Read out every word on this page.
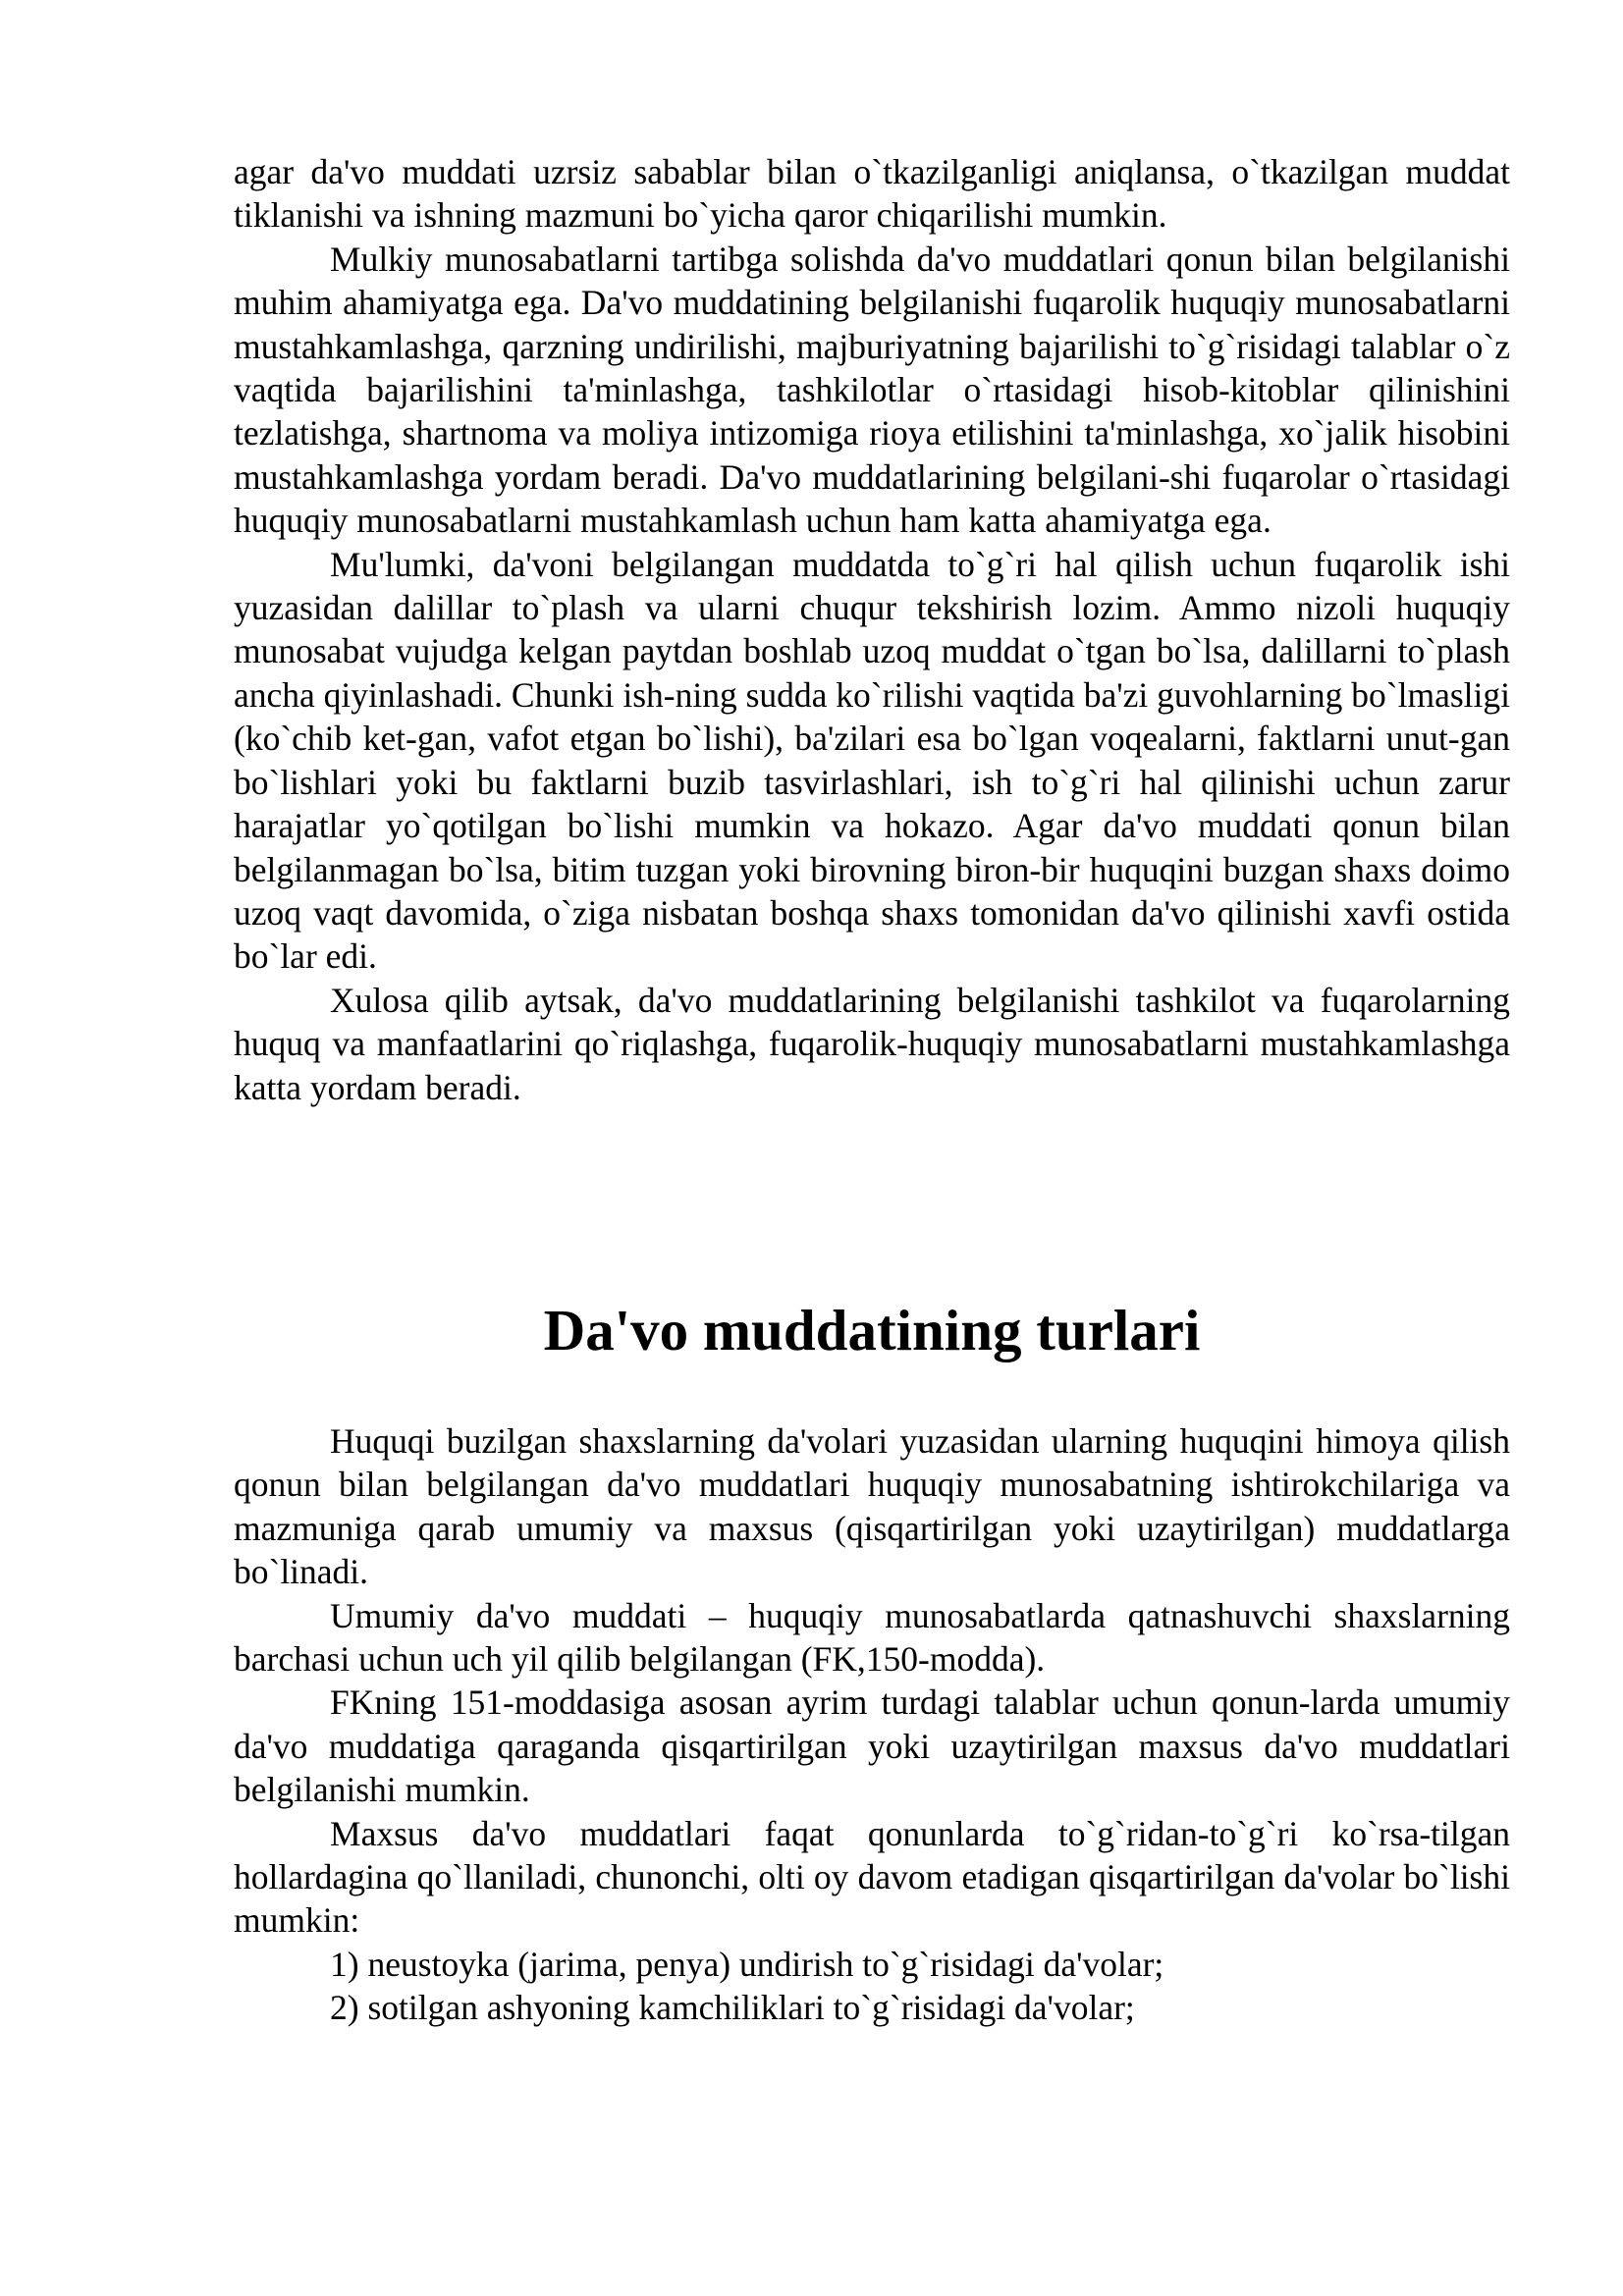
agar da'vo muddati uzrsiz sabablar bilan o`tkazilganligi aniqlansa, o`tkazilgan muddat tiklanishi va ishning mazmuni bo`yicha qaror chiqarilishi mumkin.

Mulkiy munosabatlarni tartibga solishda da'vo muddatlari qonun bilan belgilanishi muhim ahamiyatga ega. Da'vo muddatining belgilanishi fuqarolik huquqiy munosabatlarni mustahkamlashga, qarzning undirilishi, majburiyatning bajarilishi to`g`risidagi talablar o`z vaqtida bajarilishini ta'minlashga, tashkilotlar o`rtasidagi hisob-kitoblar qilinishini tezlatishga, shartnoma va moliya intizomiga rioya etilishini ta'minlashga, xo`jalik hisobini mustahkamlashga yordam beradi. Da'vo muddatlarining belgilani-shi fuqarolar o`rtasidagi huquqiy munosabatlarni mustahkamlash uchun ham katta ahamiyatga ega.

Mu'lumki, da'voni belgilangan muddatda to`g`ri hal qilish uchun fuqarolik ishi yuzasidan dalillar to`plash va ularni chuqur tekshirish lozim. Ammo nizoli huquqiy munosabat vujudga kelgan paytdan boshlab uzoq muddat o`tgan bo`lsa, dalillarni to`plash ancha qiyinlashadi. Chunki ish-ning sudda ko`rilishi vaqtida ba'zi guvohlarning bo`lmasligi (ko`chib ket-gan, vafot etgan bo`lishi), ba'zilari esa bo`lgan voqealarni, faktlarni unut-gan bo`lishlari yoki bu faktlarni buzib tasvirlashlari, ish to`g`ri hal qilinishi uchun zarur harajatlar yo`qotilgan bo`lishi mumkin va hokazo. Agar da'vo muddati qonun bilan belgilanmagan bo`lsa, bitim tuzgan yoki birovning biron-bir huquqini buzgan shaxs doimo uzoq vaqt davomida, o`ziga nisbatan boshqa shaxs tomonidan da'vo qilinishi xavfi ostida bo`lar edi.

Xulosa qilib aytsak, da'vo muddatlarining belgilanishi tashkilot va fuqarolarning huquq va manfaatlarini qo`riqlashga, fuqarolik-huquqiy munosabatlarni mustahkamlashga katta yordam beradi.

Da'vo muddatining turlari

Huquqi buzilgan shaxslarning da'volari yuzasidan ularning huquqini himoya qilish qonun bilan belgilangan da'vo muddatlari huquqiy munosabatning ishtirokchilariga va mazmuniga qarab umumiy va maxsus (qisqartirilgan yoki uzaytirilgan) muddatlarga bo`linadi.

Umumiy da'vo muddati – huquqiy munosabatlarda qatnashuvchi shaxslarning barchasi uchun uch yil qilib belgilangan (FK,150-modda).

FKning 151-moddasiga asosan ayrim turdagi talablar uchun qonun-larda umumiy da'vo muddatiga qaraganda qisqartirilgan yoki uzaytirilgan maxsus da'vo muddatlari belgilanishi mumkin.

Maxsus da'vo muddatlari faqat qonunlarda to`g`ridan-to`g`ri ko`rsa-tilgan hollardagina qo`llaniladi, chunonchi, olti oy davom etadigan qisqartirilgan da'volar bo`lishi mumkin:

1) neustoyka (jarima, penya) undirish to`g`risidagi da'volar;

2) sotilgan ashyoning kamchiliklari to`g`risidagi da'volar;
